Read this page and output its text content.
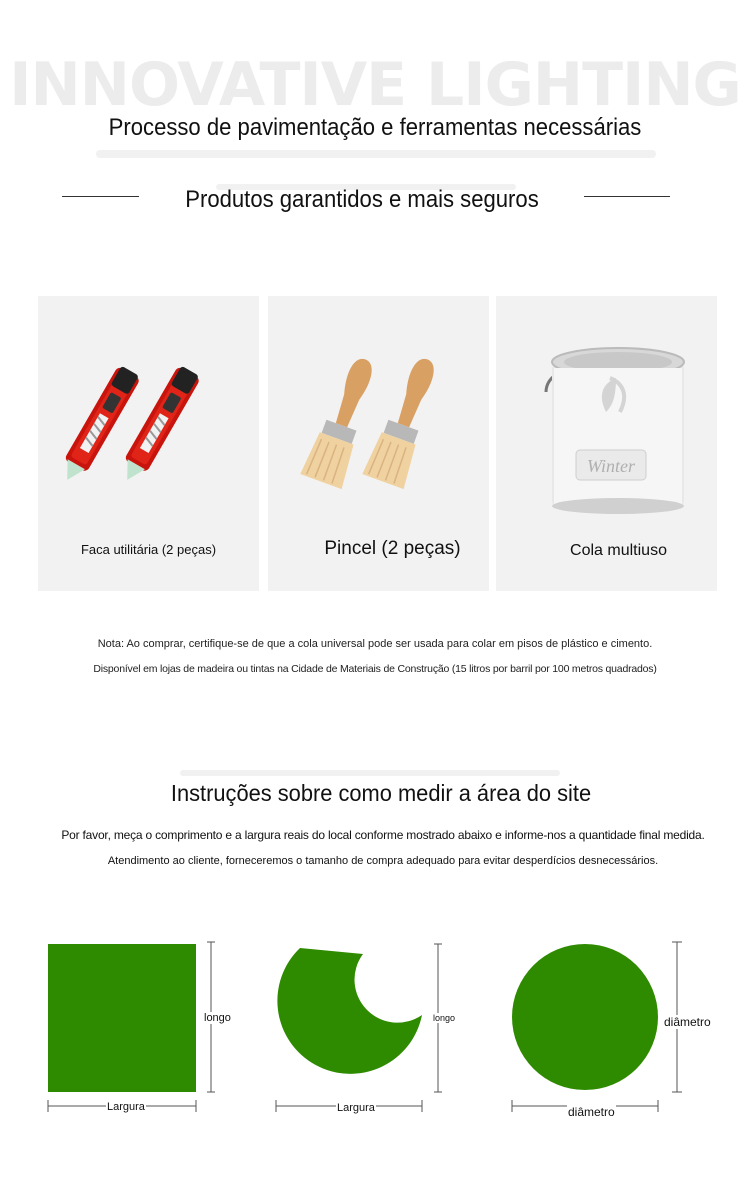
INNOVATIVE LIGHTING
Processo de pavimentação e ferramentas necessárias
Produtos garantidos e mais seguros
Faca utilitária (2 peças)	Pincel (2 peças)
Winter
Cola multiuso
Nota: Ao comprar, certifique-se de que a cola universal pode ser usada para colar em pisos de plástico e cimento.
Disponível em lojas de madeira ou tintas na Cidade de Materiais de Construção (15 litros por barril por 100 metros quadrados)
Instruções sobre como medir a área do site
Por favor, meça o comprimento e a largura reais do local conforme mostrado abaixo e informe-nos a quantidade final medida.
Atendimento ao cliente, forneceremos o tamanho de compra adequado para evitar desperdícios desnecessários.
longo
Largura
longo
Largura
diâmetro
diâmetro
